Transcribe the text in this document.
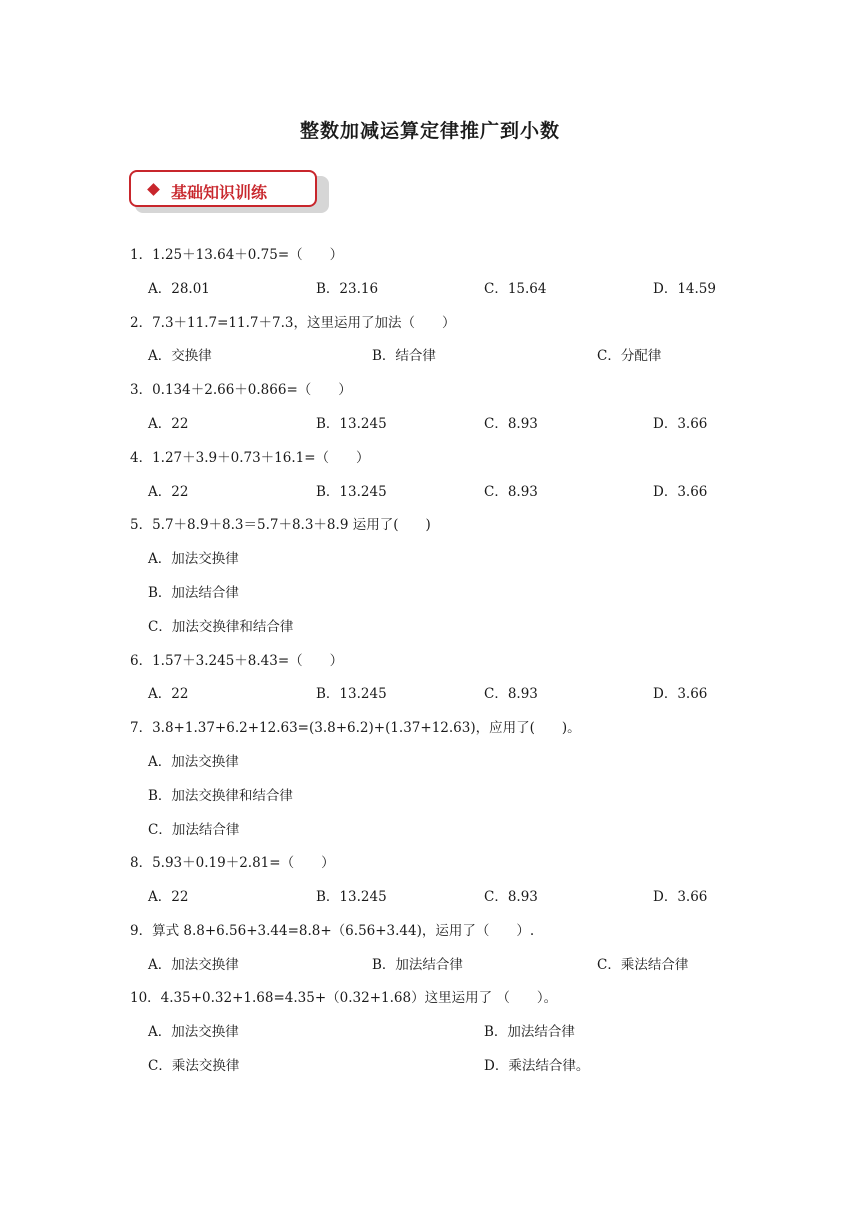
整数加减运算定律推广到小数
基础知识训练
1．1.25＋13.64＋0.75=（　　）
A．28.01	B．23.16	C．15.64	D．14.59
2．7.3＋11.7=11.7＋7.3，这里运用了加法（　　）
A．交换律	B．结合律	C．分配律
3．0.134＋2.66＋0.866=（　　）
A．22	B．13.245	C．8.93	D．3.66
4．1.27＋3.9＋0.73＋16.1=（　　）
A．22	B．13.245	C．8.93	D．3.66
5．5.7＋8.9＋8.3＝5.7＋8.3＋8.9 运用了(　　)
A．加法交换律
B．加法结合律
C．加法交换律和结合律
6．1.57＋3.245＋8.43=（　　）
A．22	B．13.245	C．8.93	D．3.66
7．3.8+1.37+6.2+12.63=(3.8+6.2)+(1.37+12.63)，应用了(　　)。
A．加法交换律
B．加法交换律和结合律
C．加法结合律
8．5.93＋0.19＋2.81=（　　）
A．22	B．13.245	C．8.93	D．3.66
9．算式 8.8+6.56+3.44=8.8+（6.56+3.44)，运用了（　　）.
A．加法交换律	B．加法结合律	C．乘法结合律
10．4.35+0.32+1.68=4.35+（0.32+1.68）这里运用了 （　　）。
A．加法交换律	B．加法结合律
C．乘法交换律	D．乘法结合律。
